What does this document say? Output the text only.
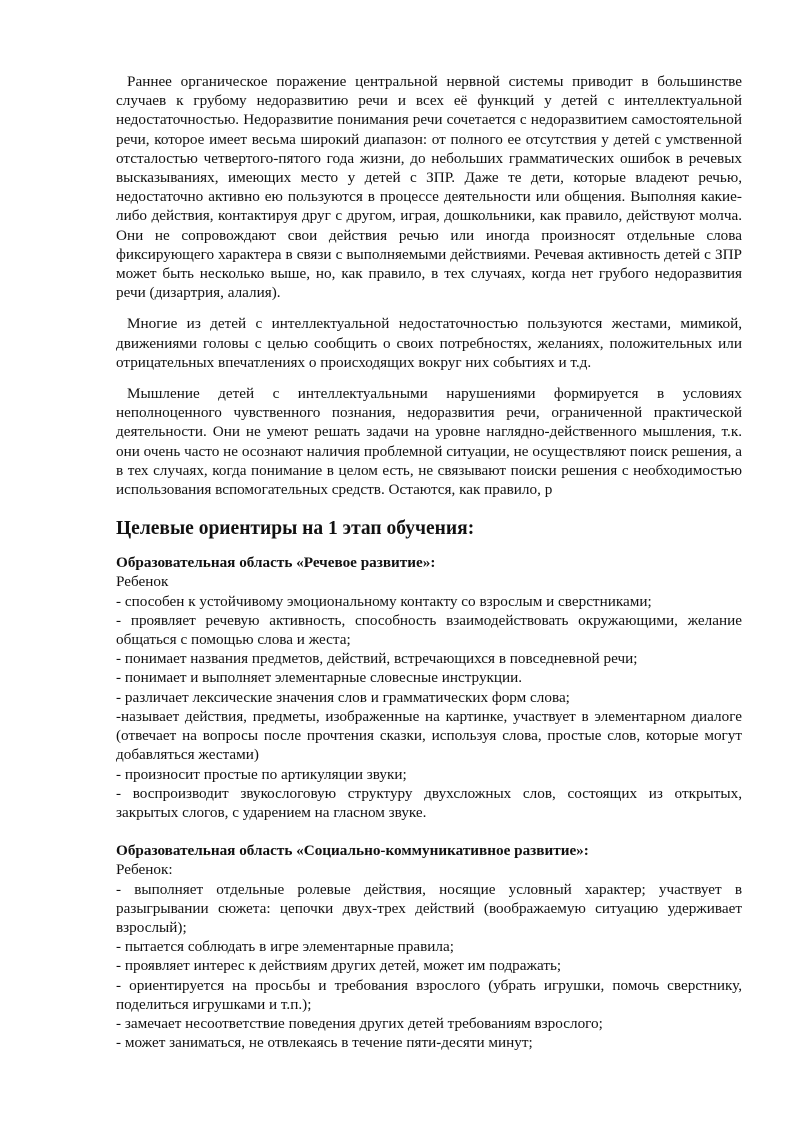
Раннее органическое поражение центральной нервной системы приводит в большинстве случаев к грубому недоразвитию речи и всех её функций у детей с интеллектуальной недостаточностью. Недоразвитие понимания речи сочетается с недоразвитием самостоятельной речи, которое имеет весьма широкий диапазон: от полного ее отсутствия у детей с умственной отсталостью четвертого-пятого года жизни, до небольших грамматических ошибок в речевых высказываниях, имеющих место у детей с ЗПР. Даже те дети, которые владеют речью, недостаточно активно ею пользуются в процессе деятельности или общения. Выполняя какие-либо действия, контактируя друг с другом, играя, дошкольники, как правило, действуют молча. Они не сопровождают свои действия речью или иногда произносят отдельные слова фиксирующего характера в связи с выполняемыми действиями. Речевая активность детей с ЗПР может быть несколько выше, но, как правило, в тех случаях, когда нет грубого недоразвития речи (дизартрия, алалия).

Многие из детей с интеллектуальной недостаточностью пользуются жестами, мимикой, движениями головы с целью сообщить о своих потребностях, желаниях, положительных или отрицательных впечатлениях о происходящих вокруг них событиях и т.д.

Мышление детей с интеллектуальными нарушениями формируется в условиях неполноценного чувственного познания, недоразвития речи, ограниченной практической деятельности. Они не умеют решать задачи на уровне наглядно-действенного мышления, т.к. они очень часто не осознают наличия проблемной ситуации, не осуществляют поиск решения, а в тех случаях, когда понимание в целом есть, не связывают поиски решения с необходимостью использования вспомогательных средств. Остаются, как правило, р

Целевые ориентиры на 1 этап обучения:

Образовательная область «Речевое развитие»:

Ребенок

- способен к устойчивому эмоциональному контакту со взрослым и сверстниками;

- проявляет речевую активность, способность взаимодействовать окружающими, желание общаться с помощью слова и жеста;

- понимает названия предметов, действий, встречающихся в повседневной речи;

- понимает и выполняет элементарные словесные инструкции.

- различает лексические значения слов и грамматических форм слова;

-называет действия, предметы, изображенные на картинке, участвует в элементарном диалоге (отвечает на вопросы после прочтения сказки, используя слова, простые слов, которые могут добавляться жестами)

- произносит простые по артикуляции звуки;

- воспроизводит звукослоговую структуру двухсложных слов, состоящих из открытых, закрытых слогов, с ударением на гласном звуке.

Образовательная область «Социально-коммуникативное развитие»:

Ребенок:

- выполняет отдельные ролевые действия, носящие условный характер; участвует в разыгрывании сюжета: цепочки двух-трех действий (воображаемую ситуацию удерживает взрослый);

- пытается соблюдать в игре элементарные правила;

- проявляет интерес к действиям других детей, может им подражать;

- ориентируется на просьбы и требования взрослого (убрать игрушки, помочь сверстнику, поделиться игрушками и т.п.);

- замечает несоответствие поведения других детей требованиям взрослого;

- может заниматься, не отвлекаясь в течение пяти-десяти минут;
